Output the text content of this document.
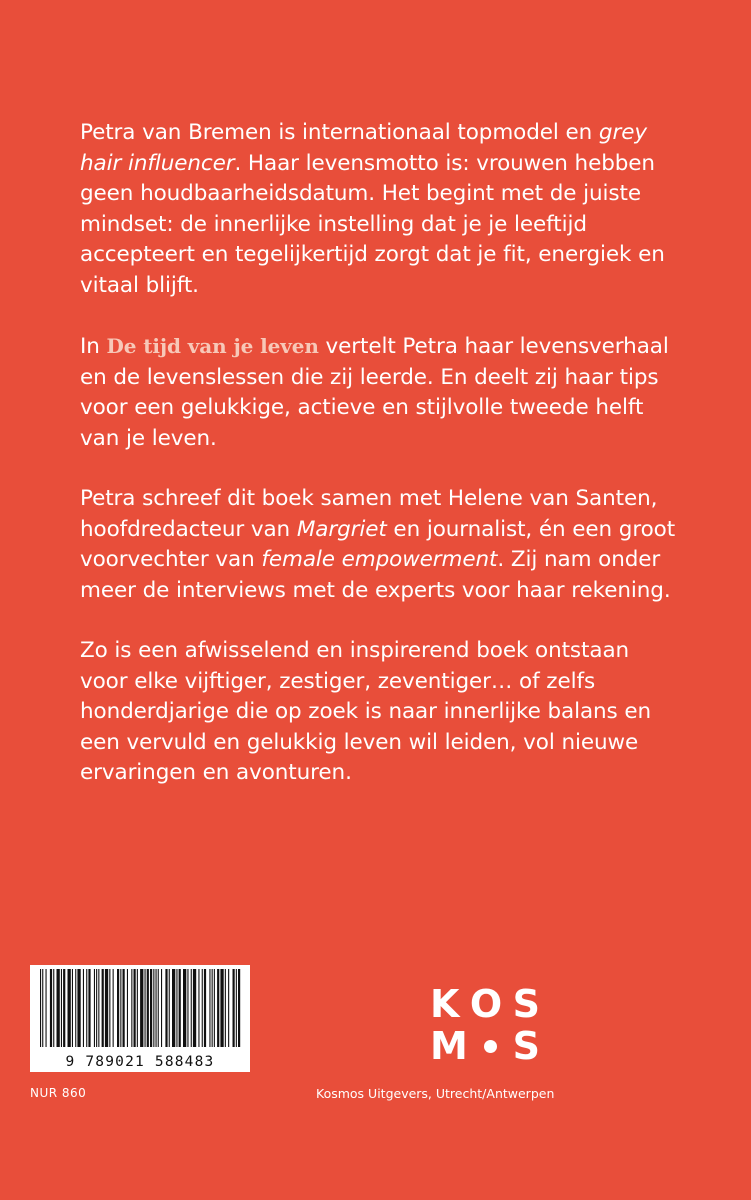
Petra van Bremen is internationaal topmodel en grey hair influencer. Haar levensmotto is: vrouwen hebben geen houdbaarheidsdatum. Het begint met de juiste mindset: de innerlijke instelling dat je je leeftijd accepteert en tegelijkertijd zorgt dat je fit, energiek en vitaal blijft.

In De tijd van je leven vertelt Petra haar levensverhaal en de levenslessen die zij leerde. En deelt zij haar tips voor een gelukkige, actieve en stijlvolle tweede helft van je leven.

Petra schreef dit boek samen met Helene van Santen, hoofdredacteur van Margriet en journalist, én een groot voorvechter van female empowerment. Zij nam onder meer de interviews met de experts voor haar rekening.

Zo is een afwisselend en inspirerend boek ontstaan voor elke vijftiger, zestiger, zeventiger… of zelfs honderdjarige die op zoek is naar innerlijke balans en een vervuld en gelukkig leven wil leiden, vol nieuwe ervaringen en avonturen.

9 789021 588483
NUR 860
K O S
M S
Kosmos Uitgevers, Utrecht/Antwerpen
